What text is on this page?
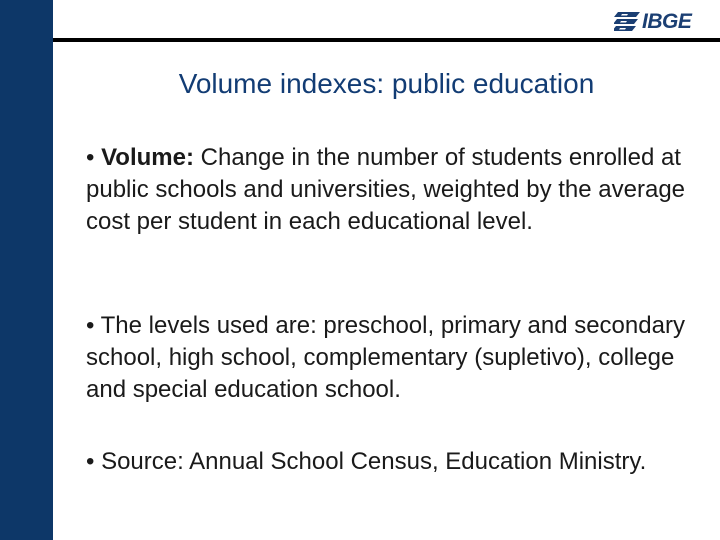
IBGE
Volume indexes: public education

• Volume: Change in the number of students enrolled at public schools and universities, weighted by the average cost per student in each educational level.

• The levels used are: preschool, primary and secondary school, high school, complementary (supletivo), college and special education school.

• Source: Annual School Census, Education Ministry.
